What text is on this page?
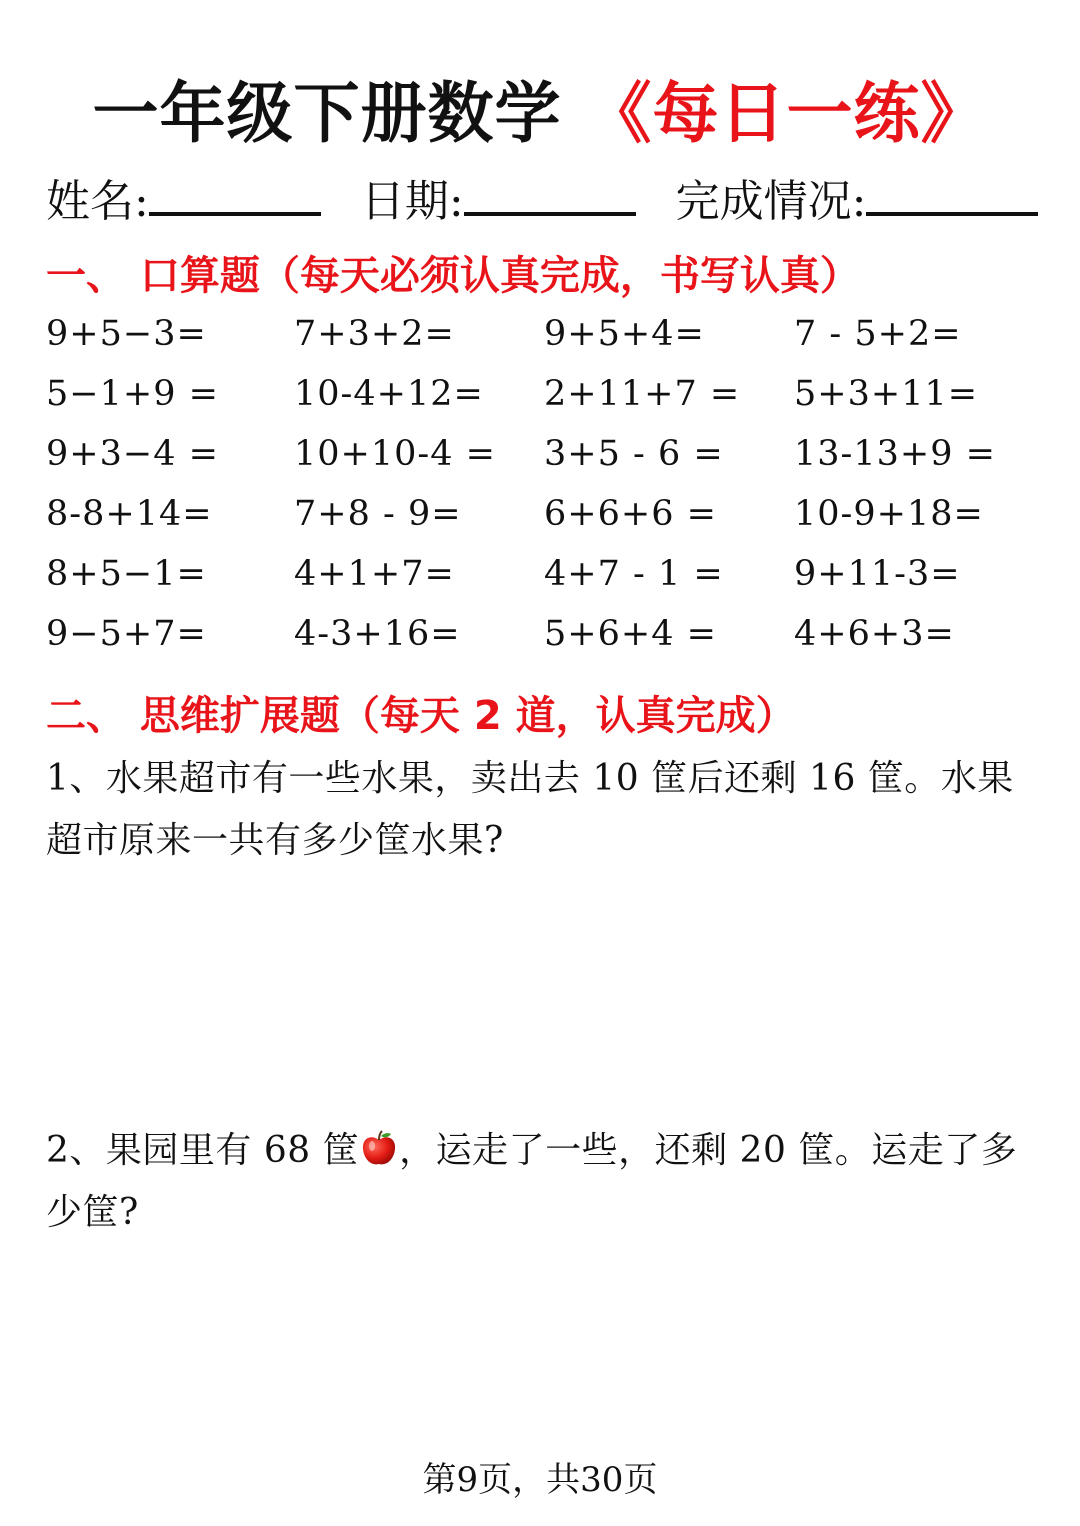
一年级下册数学 《每日一练》
姓名:	日期:	完成情况:
一、 口算题（每天必须认真完成，书写认真）
9+5−3=	7+3+2=	9+5+4=	7 - 5+2=
5−1+9 =	10-4+12=	2+11+7 =	5+3+11=
9+3−4 =	10+10-4 =	3+5 - 6 =	13-13+9 =
8-8+14=	7+8 - 9=	6+6+6 =	10-9+18=
8+5−1=	4+1+7=	4+7 - 1 =	9+11-3=
9−5+7=	4-3+16=	5+6+4 =	4+6+3=
二、 思维扩展题（每天 2 道，认真完成）
1、水果超市有一些水果，卖出去 10 筐后还剩 16 筐。水果超市原来一共有多少筐水果?
2、果园里有 68 筐 ，运走了一些，还剩 20 筐。运走了多少筐?
第9页，共30页
